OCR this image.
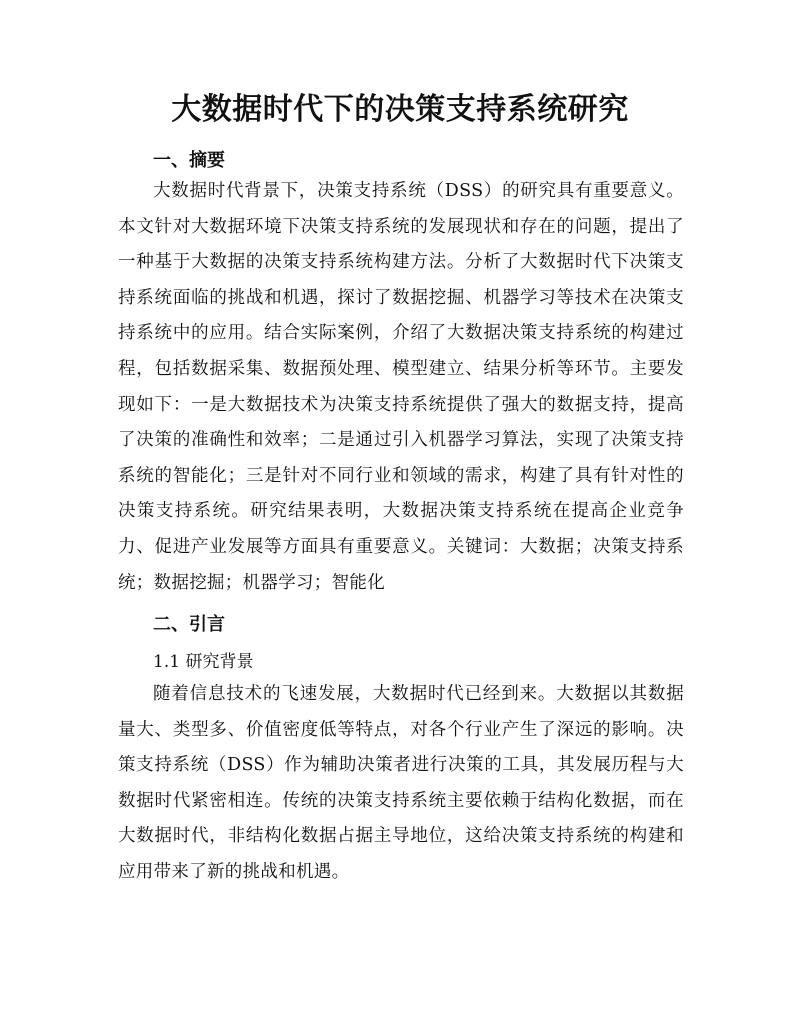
大数据时代下的决策支持系统研究
一、摘要
大数据时代背景下，决策支持系统（DSS）的研究具有重要意义。本文针对大数据环境下决策支持系统的发展现状和存在的问题，提出了一种基于大数据的决策支持系统构建方法。分析了大数据时代下决策支持系统面临的挑战和机遇，探讨了数据挖掘、机器学习等技术在决策支持系统中的应用。结合实际案例，介绍了大数据决策支持系统的构建过程，包括数据采集、数据预处理、模型建立、结果分析等环节。主要发现如下：一是大数据技术为决策支持系统提供了强大的数据支持，提高了决策的准确性和效率；二是通过引入机器学习算法，实现了决策支持系统的智能化；三是针对不同行业和领域的需求，构建了具有针对性的决策支持系统。研究结果表明，大数据决策支持系统在提高企业竞争力、促进产业发展等方面具有重要意义。关键词：大数据；决策支持系统；数据挖掘；机器学习；智能化
二、引言
1.1 研究背景
随着信息技术的飞速发展，大数据时代已经到来。大数据以其数据量大、类型多、价值密度低等特点，对各个行业产生了深远的影响。决策支持系统（DSS）作为辅助决策者进行决策的工具，其发展历程与大数据时代紧密相连。传统的决策支持系统主要依赖于结构化数据，而在大数据时代，非结构化数据占据主导地位，这给决策支持系统的构建和应用带来了新的挑战和机遇。
